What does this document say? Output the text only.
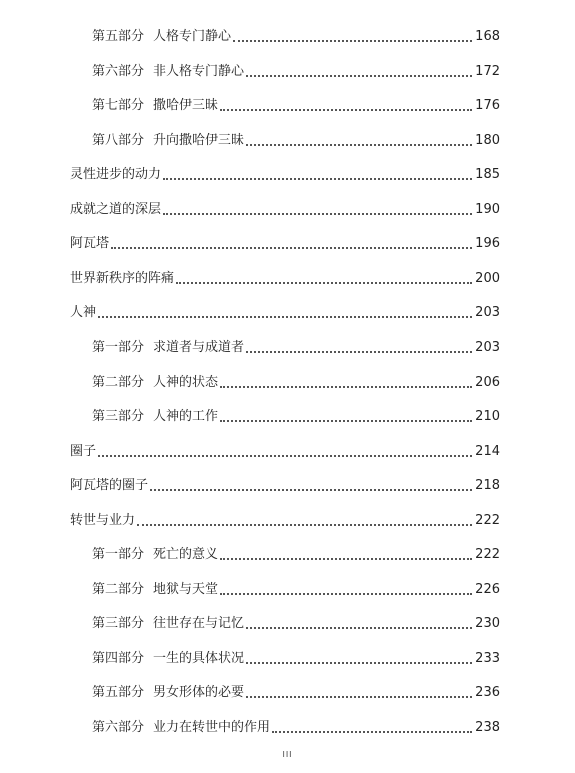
第五部分 人格专门静心	168
第六部分 非人格专门静心	172
第七部分 撒哈伊三昧	176
第八部分 升向撒哈伊三昧	180
灵性进步的动力	185
成就之道的深层	190
阿瓦塔	196
世界新秩序的阵痛	200
人神	203
第一部分 求道者与成道者	203
第二部分 人神的状态	206
第三部分 人神的工作	210
圈子	214
阿瓦塔的圈子	218
转世与业力	222
第一部分 死亡的意义	222
第二部分 地狱与天堂	226
第三部分 往世存在与记忆	230
第四部分 一生的具体状况	233
第五部分 男女形体的必要	236
第六部分 业力在转世中的作用	238
III
